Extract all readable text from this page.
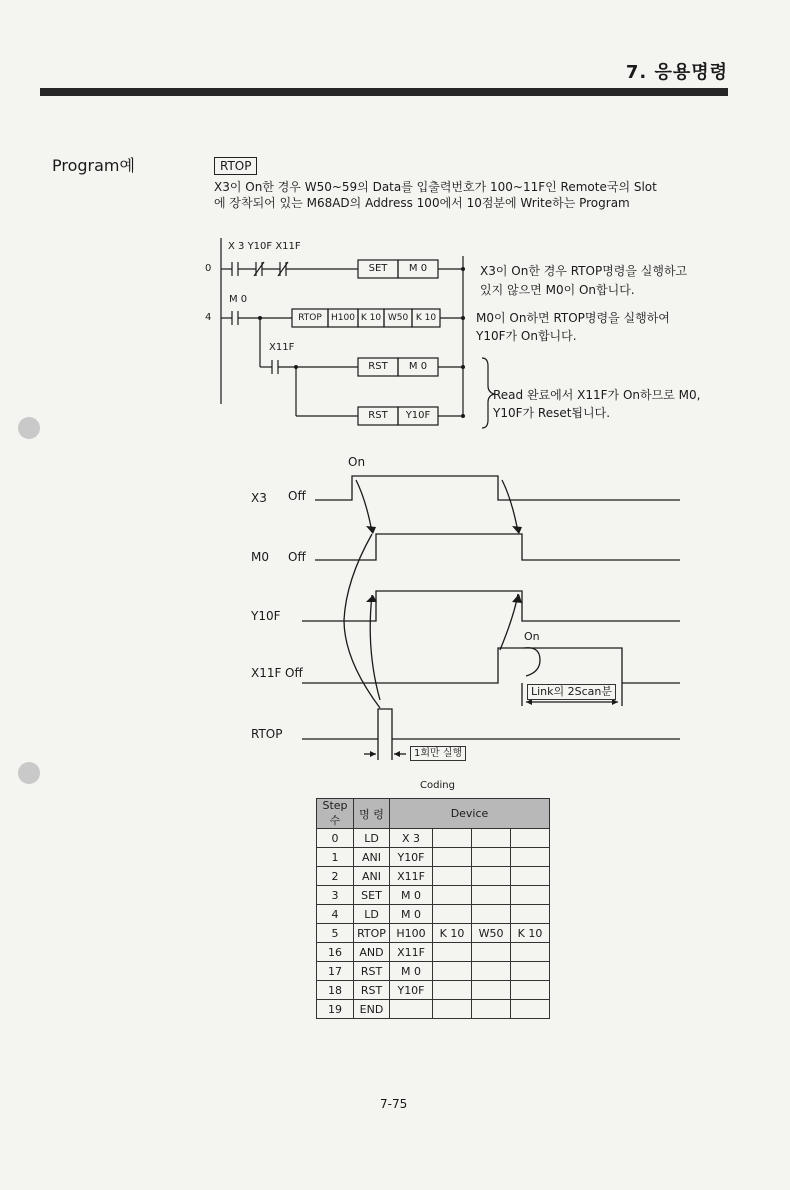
7. 응용명령
Program예	RTOP
X3이 On한 경우 W50~59의 Data를 입출력번호가 100~11F인 Remote국의 Slot
에 장착되어 있는 M68AD의 Address 100에서 10점분에 Write하는 Program
0
4
X 3 Y10F X11F
M 0
X11F
SET	M 0
RTOP	H100 K 10 W50 K 10
RST	M 0
RST	Y10F
X3이 On한 경우 RTOP명령을 실행하고
있지 않으면 M0이 On합니다.
M0이 On하면 RTOP명령을 실행하여
Y10F가 On합니다.
Read 완료에서 X11F가 On하므로 M0,
Y10F가 Reset됩니다.
On
X3 Off
M0 Off
Y10F
On
X11F Off
Link의 2Scan분
RTOP
1회만 실행
Coding
Step수	명 령	Device			
0	LD	X 3			
1	ANI	Y10F			
2	ANI	X11F			
3	SET	M 0			
4	LD	M 0			
5	RTOP	H100	K 10	W50	K 10
16	AND	X11F			
17	RST	M 0			
18	RST	Y10F			
19	END				
7-75
